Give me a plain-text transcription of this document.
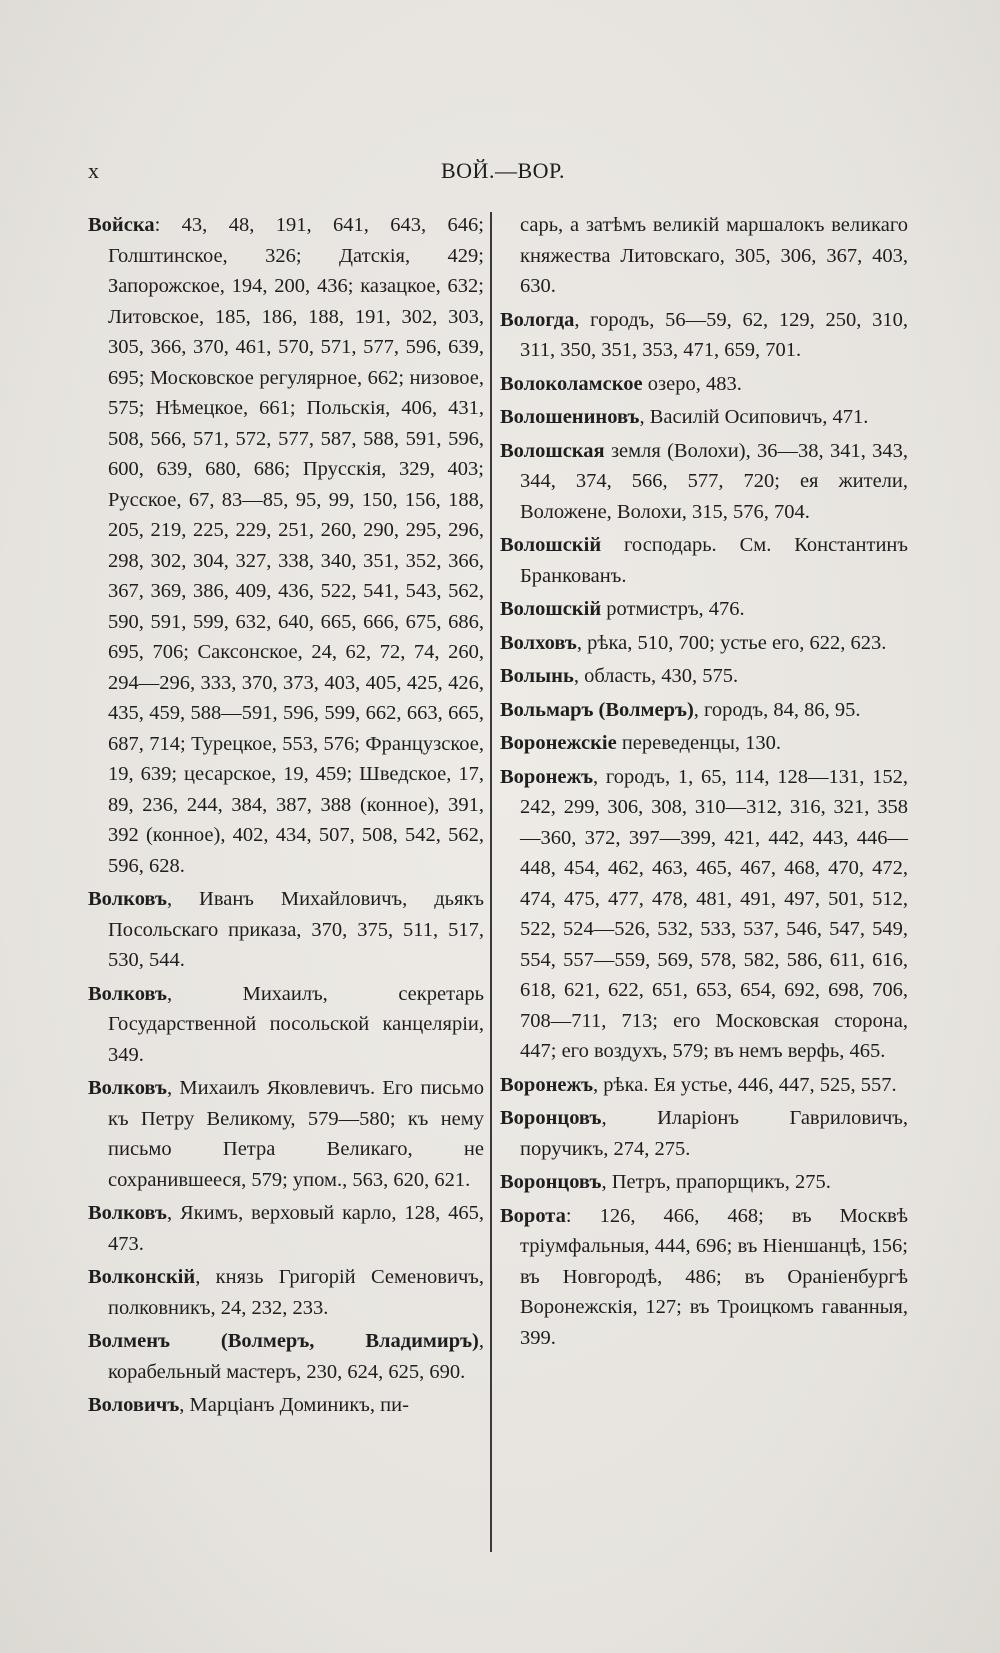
x	ВОЙ.—ВОР.

Войска: 43, 48, 191, 641, 643, 646; Голштинское, 326; Датскія, 429; Запорожское, 194, 200, 436; казацкое, 632; Литовское, 185, 186, 188, 191, 302, 303, 305, 366, 370, 461, 570, 571, 577, 596, 639, 695; Московское регулярное, 662; низовое, 575; Нѣмецкое, 661; Польскія, 406, 431, 508, 566, 571, 572, 577, 587, 588, 591, 596, 600, 639, 680, 686; Прусскія, 329, 403; Русское, 67, 83—85, 95, 99, 150, 156, 188, 205, 219, 225, 229, 251, 260, 290, 295, 296, 298, 302, 304, 327, 338, 340, 351, 352, 366, 367, 369, 386, 409, 436, 522, 541, 543, 562, 590, 591, 599, 632, 640, 665, 666, 675, 686, 695, 706; Саксонское, 24, 62, 72, 74, 260, 294—296, 333, 370, 373, 403, 405, 425, 426, 435, 459, 588—591, 596, 599, 662, 663, 665, 687, 714; Турецкое, 553, 576; Французское, 19, 639; цесарское, 19, 459; Шведское, 17, 89, 236, 244, 384, 387, 388 (конное), 391, 392 (конное), 402, 434, 507, 508, 542, 562, 596, 628.

Волковъ, Иванъ Михайловичъ, дьякъ Посольскаго приказа, 370, 375, 511, 517, 530, 544.

Волковъ, Михаилъ, секретарь Государственной посольской канцеляріи, 349.

Волковъ, Михаилъ Яковлевичъ. Его письмо къ Петру Великому, 579—580; къ нему письмо Петра Великаго, не сохранившееся, 579; упом., 563, 620, 621.

Волковъ, Якимъ, верховый карло, 128, 465, 473.

Волконскій, князь Григорій Семеновичъ, полковникъ, 24, 232, 233.

Волменъ (Волмеръ, Владимиръ), корабельный мастеръ, 230, 624, 625, 690.

Воловичъ, Марціанъ Доминикъ, пи-

сарь, а затѣмъ великій маршалокъ великаго княжества Литовскаго, 305, 306, 367, 403, 630.

Вологда, городъ, 56—59, 62, 129, 250, 310, 311, 350, 351, 353, 471, 659, 701.

Волоколамское озеро, 483.

Волошениновъ, Василій Осиповичъ, 471.

Волошская земля (Волохи), 36—38, 341, 343, 344, 374, 566, 577, 720; ея жители, Воложене, Волохи, 315, 576, 704.

Волошскій господарь. См. Константинъ Бранкованъ.

Волошскій ротмистръ, 476.

Волховъ, рѣка, 510, 700; устье его, 622, 623.

Волынь, область, 430, 575.

Вольмаръ (Волмеръ), городъ, 84, 86, 95.

Воронежскіе переведенцы, 130.

Воронежъ, городъ, 1, 65, 114, 128—131, 152, 242, 299, 306, 308, 310—312, 316, 321, 358—360, 372, 397—399, 421, 442, 443, 446—448, 454, 462, 463, 465, 467, 468, 470, 472, 474, 475, 477, 478, 481, 491, 497, 501, 512, 522, 524—526, 532, 533, 537, 546, 547, 549, 554, 557—559, 569, 578, 582, 586, 611, 616, 618, 621, 622, 651, 653, 654, 692, 698, 706, 708—711, 713; его Московская сторона, 447; его воздухъ, 579; въ немъ верфь, 465.

Воронежъ, рѣка. Ея устье, 446, 447, 525, 557.

Воронцовъ, Иларіонъ Гавриловичъ, поручикъ, 274, 275.

Воронцовъ, Петръ, прапорщикъ, 275.

Ворота: 126, 466, 468; въ Москвѣ тріумфальныя, 444, 696; въ Ніеншанцѣ, 156; въ Новгородѣ, 486; въ Ораніенбургѣ Воронежскія, 127; въ Троицкомъ гаванныя, 399.
